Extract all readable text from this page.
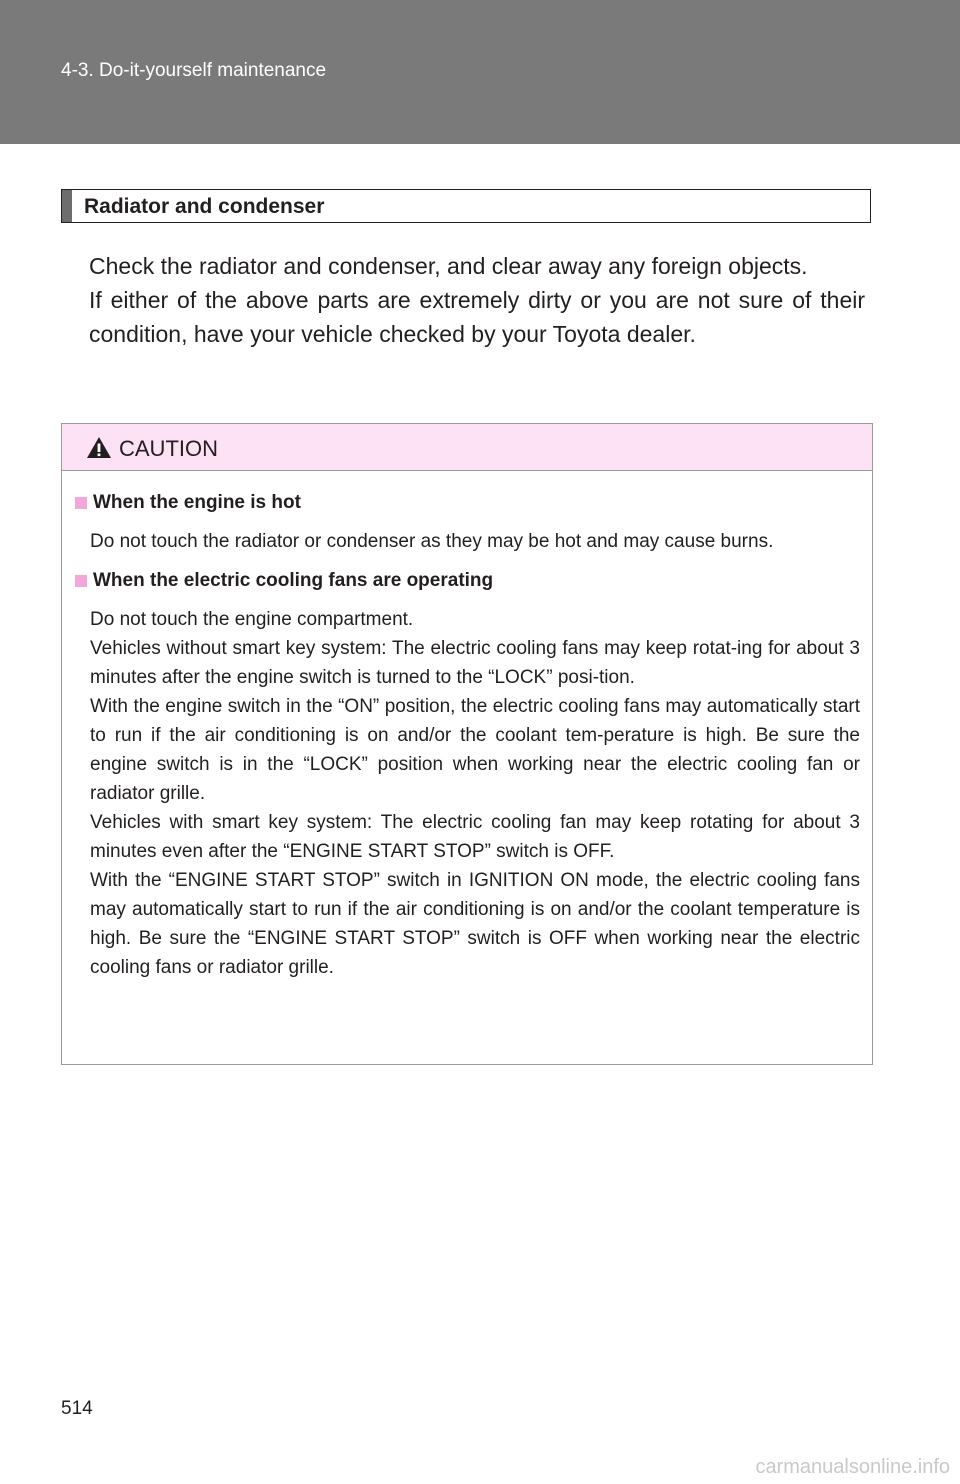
4-3. Do-it-yourself maintenance
Radiator and condenser

Check the radiator and condenser, and clear away any foreign objects.

If either of the above parts are extremely dirty or you are not sure of their condition, have your vehicle checked by your Toyota dealer.

CAUTION
When the engine is hot

Do not touch the radiator or condenser as they may be hot and may cause burns.

When the electric cooling fans are operating

Do not touch the engine compartment.

Vehicles without smart key system: The electric cooling fans may keep rotat-ing for about 3 minutes after the engine switch is turned to the “LOCK” posi-tion.

With the engine switch in the “ON” position, the electric cooling fans may automatically start to run if the air conditioning is on and/or the coolant tem-perature is high. Be sure the engine switch is in the “LOCK” position when working near the electric cooling fan or radiator grille.

Vehicles with smart key system: The electric cooling fan may keep rotating for about 3 minutes even after the “ENGINE START STOP” switch is OFF.

With the “ENGINE START STOP” switch in IGNITION ON mode, the electric cooling fans may automatically start to run if the air conditioning is on and/or the coolant temperature is high. Be sure the “ENGINE START STOP” switch is OFF when working near the electric cooling fans or radiator grille.

514
carmanualsonline.info
